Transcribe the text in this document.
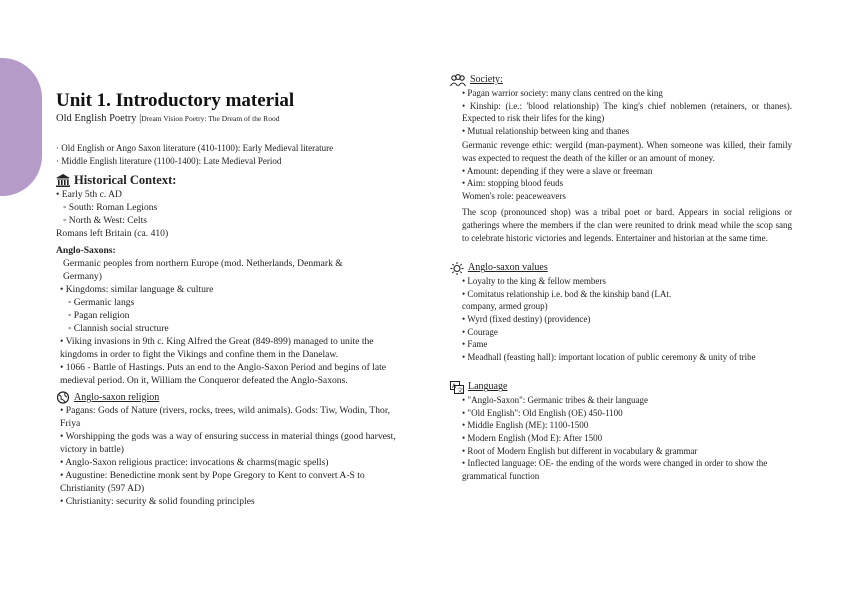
Unit 1. Introductory material
Old English Poetry |Dream Vision Poetry: The Dream of the Rood
· Old English or Ango Saxon literature (410-1100): Early Medieval literature
· Middle English literature (1100-1400): Late Medieval Period
Historical Context:
• Early 5th c. AD
◦ South: Roman Legions
◦ North & West: Celts
Romans left Britain (ca. 410)
Anglo-Saxons:
Germanic peoples from northern Europe (mod. Netherlands, Denmark & Germany)
• Kingdoms: similar language & culture
◦ Germanic langs
◦ Pagan religion
◦ Clannish social structure
• Viking invasions in 9th c. King Alfred the Great (849-899) managed to unite the kingdoms in order to fight the Vikings and confine them in the Danelaw.
• 1066 - Battle of Hastings. Puts an end to the Anglo-Saxon Period and begins of late medieval period. On it, William the Conqueror defeated the Anglo-Saxons.
Anglo-saxon religion
• Pagans: Gods of Nature (rivers, rocks, trees, wild animals). Gods: Tiw, Wodin, Thor, Friya
• Worshipping the gods was a way of ensuring success in material things (good harvest, victory in battle)
• Anglo-Saxon religious practice: invocations & charms(magic spells)
• Augustine: Benedictine monk sent by Pope Gregory to Kent to convert A-S to Christianity (597 AD)
• Christianity: security & solid founding principles
Society:
• Pagan warrior society: many clans centred on the king
• Kinship: (i.e.: 'blood relationship) The king's chief noblemen (retainers, or thanes). Expected to risk their lifes for the king)
• Mutual relationship between king and thanes
Germanic revenge ethic: wergild (man-payment). When someone was killed, their family was expected to request the death of the killer or an amount of money.
• Amount: depending if they were a slave or freeman
• Aim: stopping blood feuds
Women's role: peaceweavers
The scop (pronounced shop) was a tribal poet or bard. Appears in social religions or gatherings where the members if the clan were reunited to drink mead while the scop sang to celebrate historic victories and legends. Entertainer and historian at the same time.
Anglo-saxon values
• Loyalty to the king & fellow members
• Comitatus relationship i.e. bod & the kinship band (LAt. company, armed group)
• Wyrd (fixed destiny) (providence)
• Courage
• Fame
• Meadhall (feasting hall): important location of public ceremony & unity of tribe
A
文 Language
• "Anglo-Saxon": Germanic tribes & their language
• "Old English": Old English (OE) 450-1100
• Middle English (ME): 1100-1500
• Modern English (Mod E): After 1500
• Root of Modern English but different in vocabulary & grammar
• Inflected language: OE- the ending of the words were changed in order to show the grammatical function
